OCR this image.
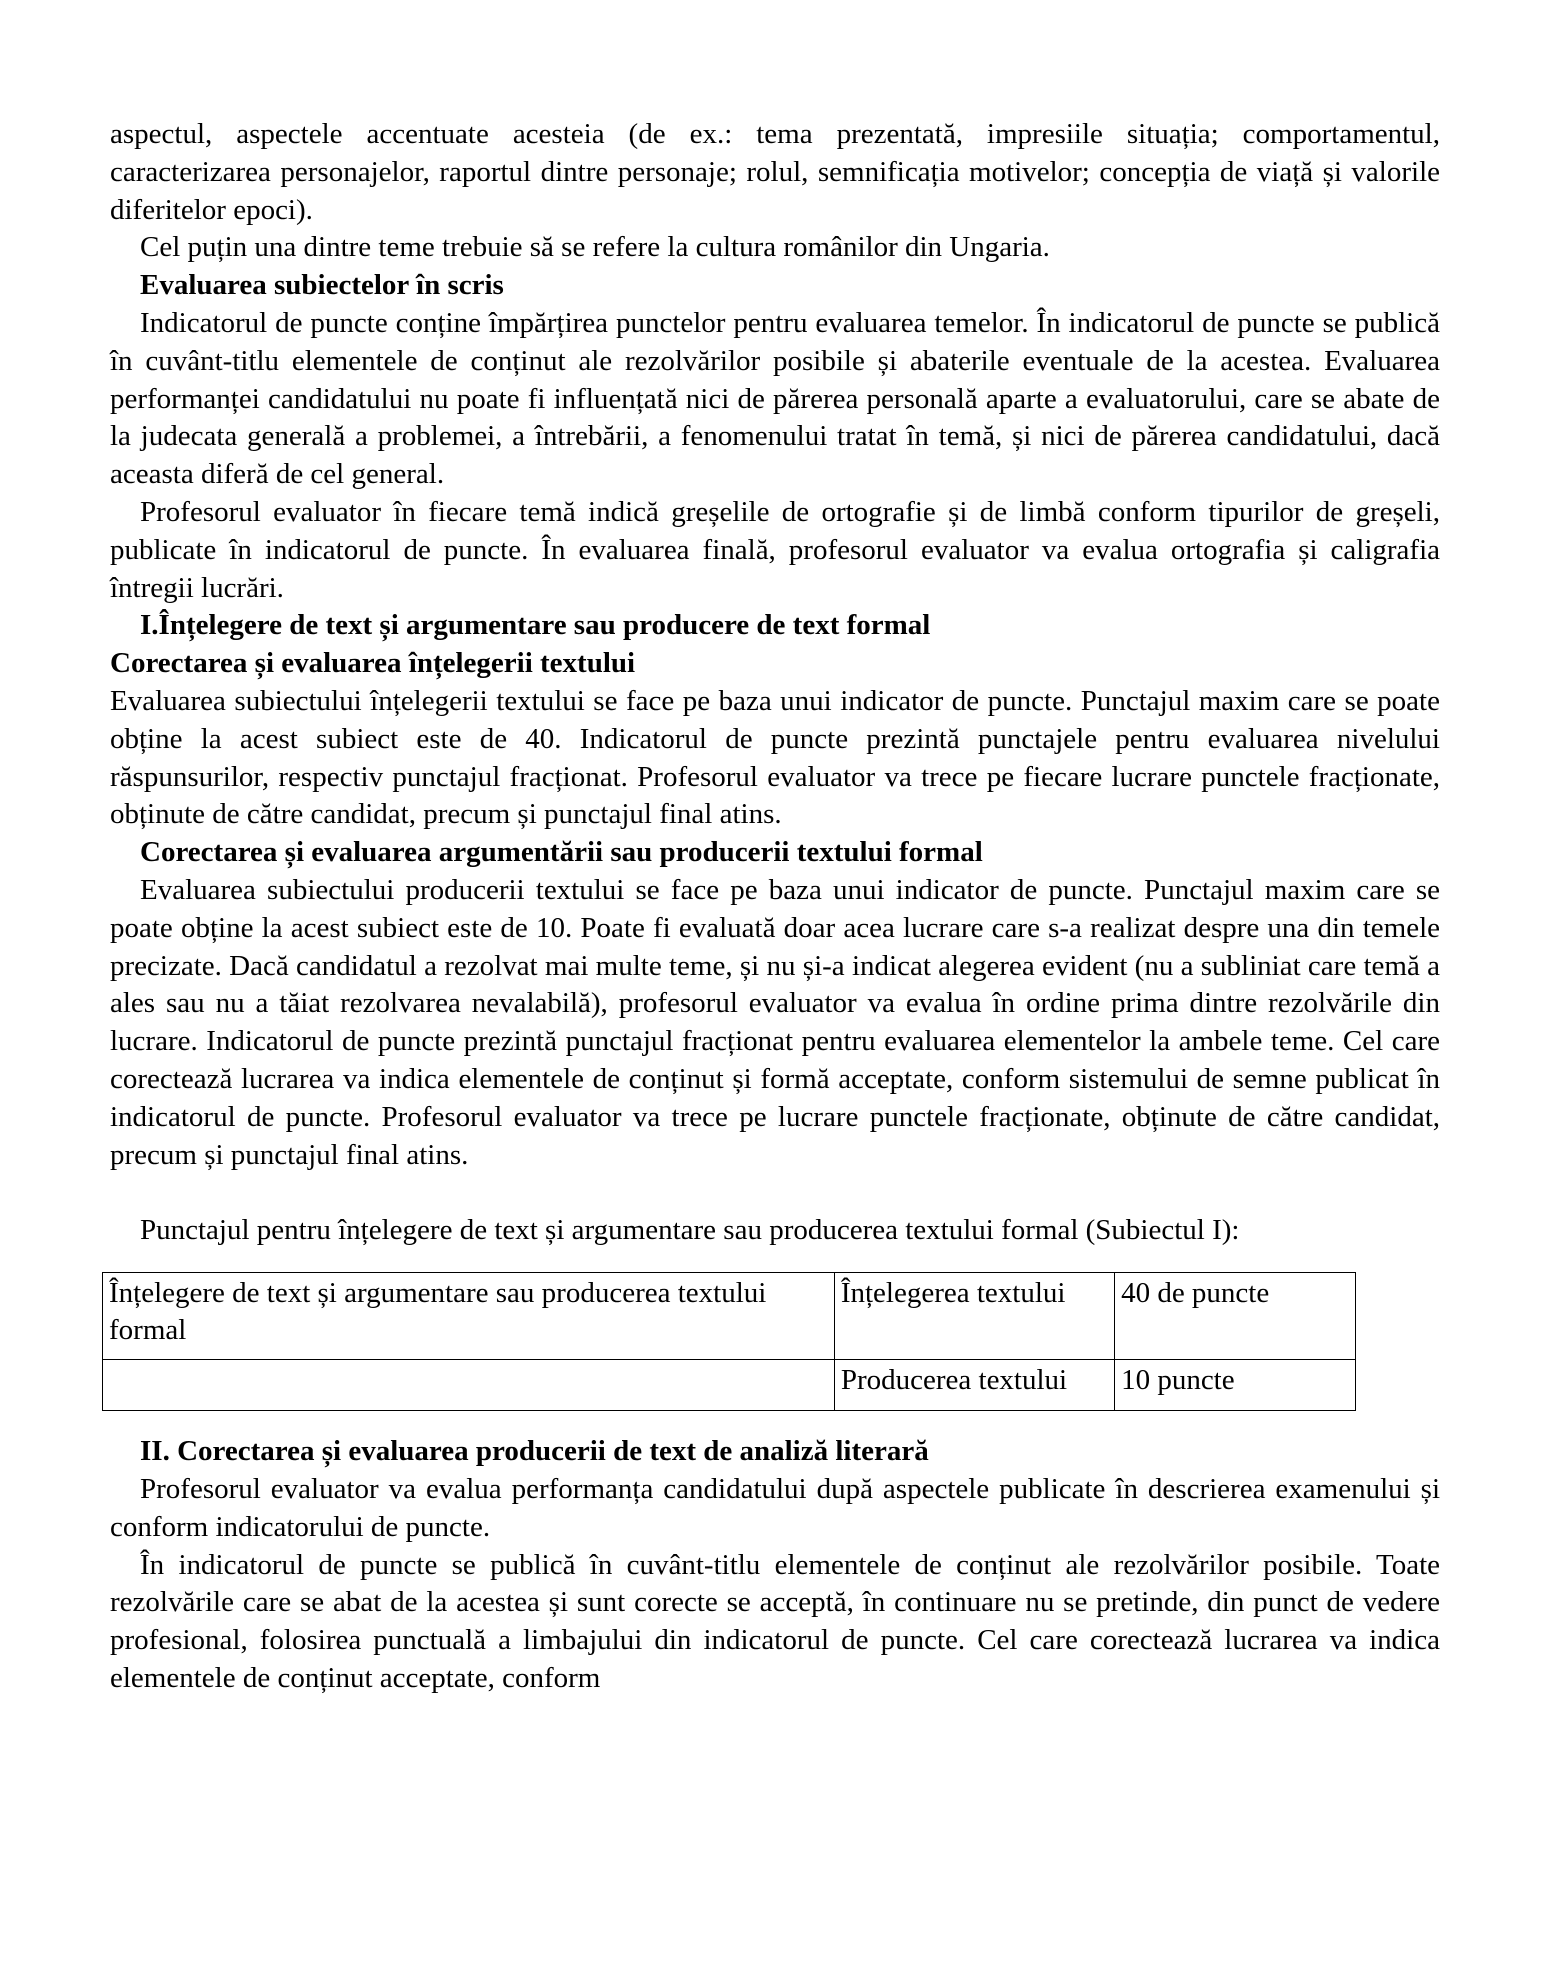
aspectul, aspectele accentuate acesteia (de ex.: tema prezentată, impresiile situația; comportamentul, caracterizarea personajelor, raportul dintre personaje; rolul, semnificația motivelor; concepția de viață și valorile diferitelor epoci).

Cel puțin una dintre teme trebuie să se refere la cultura românilor din Ungaria.

Evaluarea subiectelor în scris

Indicatorul de puncte conține împărțirea punctelor pentru evaluarea temelor. În indicatorul de puncte se publică în cuvânt-titlu elementele de conținut ale rezolvărilor posibile și abaterile eventuale de la acestea. Evaluarea performanței candidatului nu poate fi influențată nici de părerea personală aparte a evaluatorului, care se abate de la judecata generală a problemei, a întrebării, a fenomenului tratat în temă, și nici de părerea candidatului, dacă aceasta diferă de cel general.

Profesorul evaluator în fiecare temă indică greșelile de ortografie și de limbă conform tipurilor de greșeli, publicate în indicatorul de puncte. În evaluarea finală, profesorul evaluator va evalua ortografia și caligrafia întregii lucrări.

I.Înțelegere de text și argumentare sau producere de text formal

Corectarea și evaluarea înțelegerii textului

Evaluarea subiectului înțelegerii textului se face pe baza unui indicator de puncte. Punctajul maxim care se poate obține la acest subiect este de 40. Indicatorul de puncte prezintă punctajele pentru evaluarea nivelului răspunsurilor, respectiv punctajul fracționat. Profesorul evaluator va trece pe fiecare lucrare punctele fracționate, obținute de către candidat, precum și punctajul final atins.

Corectarea și evaluarea argumentării sau producerii textului formal

Evaluarea subiectului producerii textului se face pe baza unui indicator de puncte. Punctajul maxim care se poate obține la acest subiect este de 10. Poate fi evaluată doar acea lucrare care s-a realizat despre una din temele precizate. Dacă candidatul a rezolvat mai multe teme, și nu și-a indicat alegerea evident (nu a subliniat care temă a ales sau nu a tăiat rezolvarea nevalabilă), profesorul evaluator va evalua în ordine prima dintre rezolvările din lucrare. Indicatorul de puncte prezintă punctajul fracționat pentru evaluarea elementelor la ambele teme. Cel care corectează lucrarea va indica elementele de conținut și formă acceptate, conform sistemului de semne publicat în indicatorul de puncte. Profesorul evaluator va trece pe lucrare punctele fracționate, obținute de către candidat, precum și punctajul final atins.

Punctajul pentru înțelegere de text și argumentare sau producerea textului formal (Subiectul I):

Înțelegere de text și argumentare sau producerea textului formal	Înțelegerea textului	40 de puncte
	Producerea textului	10 puncte

II. Corectarea și evaluarea producerii de text de analiză literară

Profesorul evaluator va evalua performanța candidatului după aspectele publicate în descrierea examenului și conform indicatorului de puncte.

În indicatorul de puncte se publică în cuvânt-titlu elementele de conținut ale rezolvărilor posibile. Toate rezolvările care se abat de la acestea și sunt corecte se acceptă, în continuare nu se pretinde, din punct de vedere profesional, folosirea punctuală a limbajului din indicatorul de puncte. Cel care corectează lucrarea va indica elementele de conținut acceptate, conform
